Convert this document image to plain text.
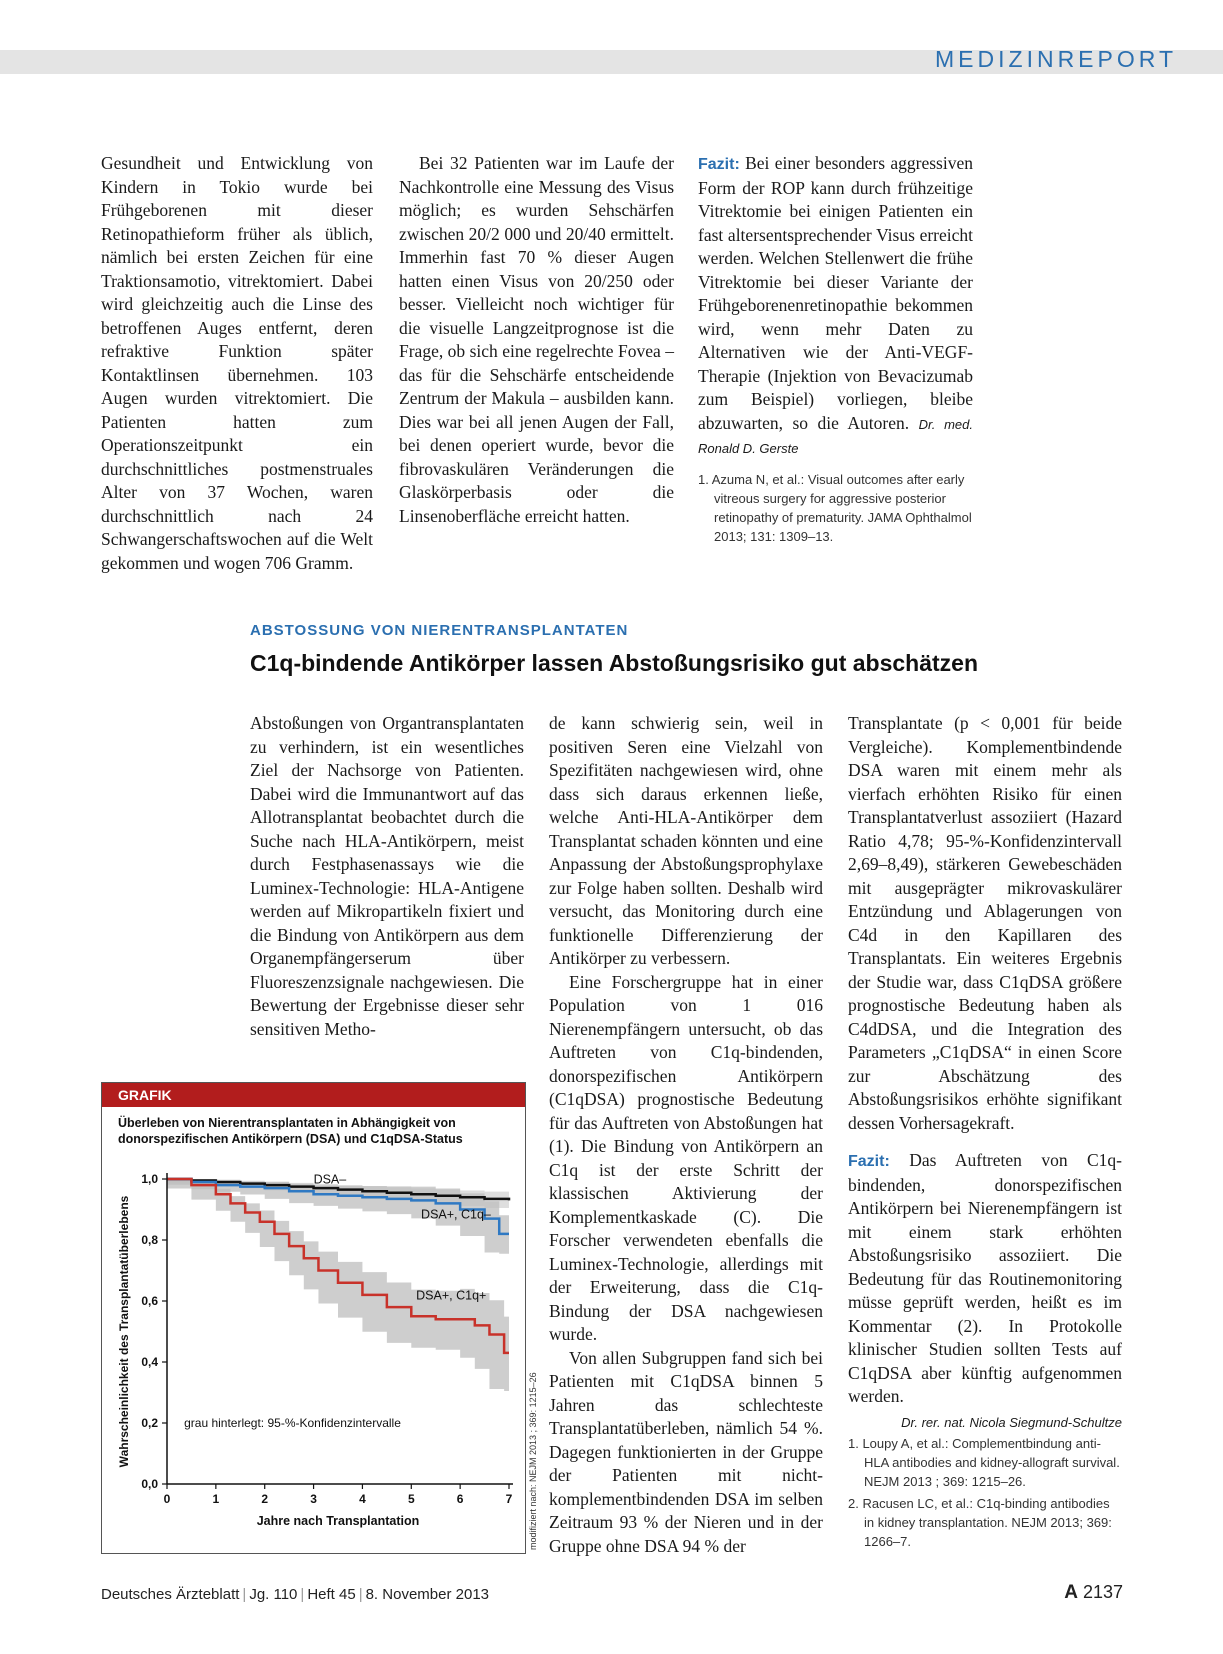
MEDIZINREPORT

Gesundheit und Entwicklung von Kindern in Tokio wurde bei Frühgeborenen mit dieser Retinopathieform früher als üblich, nämlich bei ersten Zeichen für eine Traktionsamotio, vitrektomiert. Dabei wird gleichzeitig auch die Linse des betroffenen Auges entfernt, deren refraktive Funktion später Kontaktlinsen übernehmen. 103 Augen wurden vitrektomiert. Die Patienten hatten zum Operationszeitpunkt ein durchschnittliches postmenstruales Alter von 37 Wochen, waren durchschnittlich nach 24 Schwangerschaftswochen auf die Welt gekommen und wogen 706 Gramm.

Bei 32 Patienten war im Laufe der Nachkontrolle eine Messung des Visus möglich; es wurden Sehschärfen zwischen 20/2 000 und 20/40 ermittelt. Immerhin fast 70 % dieser Augen hatten einen Visus von 20/250 oder besser. Vielleicht noch wichtiger für die visuelle Langzeitprognose ist die Frage, ob sich eine regelrechte Fovea – das für die Sehschärfe entscheidende Zentrum der Makula – ausbilden kann. Dies war bei all jenen Augen der Fall, bei denen operiert wurde, bevor die fibrovaskulären Veränderungen die Glaskörperbasis oder die Linsenoberfläche erreicht hatten.

Fazit: Bei einer besonders aggressiven Form der ROP kann durch frühzeitige Vitrektomie bei einigen Patienten ein fast altersentsprechender Visus erreicht werden. Welchen Stellenwert die frühe Vitrektomie bei dieser Variante der Frühgeborenenretinopathie bekommen wird, wenn mehr Daten zu Alternativen wie der Anti-VEGF-Therapie (Injektion von Bevacizumab zum Beispiel) vorliegen, bleibe abzuwarten, so die Autoren. Dr. med. Ronald D. Gerste

1. Azuma N, et al.: Visual outcomes after early vitreous surgery for aggressive posterior retinopathy of prematurity. JAMA Ophthalmol 2013; 131: 1309–13.
ABSTOSSUNG VON NIERENTRANSPLANTATEN
C1q-bindende Antikörper lassen Abstoßungsrisiko gut abschätzen

Abstoßungen von Organtransplantaten zu verhindern, ist ein wesentliches Ziel der Nachsorge von Patienten. Dabei wird die Immunantwort auf das Allotransplantat beobachtet durch die Suche nach HLA-Antikörpern, meist durch Festphasenassays wie die Luminex-Technologie: HLA-Antigene werden auf Mikropartikeln fixiert und die Bindung von Antikörpern aus dem Organempfängerserum über Fluoreszenzsignale nachgewiesen. Die Bewertung der Ergebnisse dieser sehr sensitiven Metho-

de kann schwierig sein, weil in positiven Seren eine Vielzahl von Spezifitäten nachgewiesen wird, ohne dass sich daraus erkennen ließe, welche Anti-HLA-Antikörper dem Transplantat schaden könnten und eine Anpassung der Abstoßungsprophylaxe zur Folge haben sollten. Deshalb wird versucht, das Monitoring durch eine funktionelle Differenzierung der Antikörper zu verbessern.

Eine Forschergruppe hat in einer Population von 1 016 Nierenempfängern untersucht, ob das Auftreten von C1q-bindenden, donorspezifischen Antikörpern (C1qDSA) prognostische Bedeutung für das Auftreten von Abstoßungen hat (1). Die Bindung von Antikörpern an C1q ist der erste Schritt der klassischen Aktivierung der Komplementkaskade (C). Die Forscher verwendeten ebenfalls die Luminex-Technologie, allerdings mit der Erweiterung, dass die C1q-Bindung der DSA nachgewiesen wurde.

Von allen Subgruppen fand sich bei Patienten mit C1qDSA binnen 5 Jahren das schlechteste Transplantatüberleben, nämlich 54 %. Dagegen funktionierten in der Gruppe der Patienten mit nicht-komplementbindenden DSA im selben Zeitraum 93 % der Nieren und in der Gruppe ohne DSA 94 % der

Transplantate (p < 0,001 für beide Vergleiche). Komplementbindende DSA waren mit einem mehr als vierfach erhöhten Risiko für einen Transplantatverlust assoziiert (Hazard Ratio 4,78; 95-%-Konfidenzintervall 2,69–8,49), stärkeren Gewebeschäden mit ausgeprägter mikrovaskulärer Entzündung und Ablagerungen von C4d in den Kapillaren des Transplantats. Ein weiteres Ergebnis der Studie war, dass C1qDSA größere prognostische Bedeutung haben als C4dDSA, und die Integration des Parameters „C1qDSA“ in einen Score zur Abschätzung des Abstoßungsrisikos erhöhte signifikant dessen Vorhersagekraft.

Fazit: Das Auftreten von C1q-bindenden, donorspezifischen Antikörpern bei Nierenempfängern ist mit einem stark erhöhten Abstoßungsrisiko assoziiert. Die Bedeutung für das Routinemonitoring müsse geprüft werden, heißt es im Kommentar (2). In Protokolle klinischer Studien sollten Tests auf C1qDSA aber künftig aufgenommen werden.

Dr. rer. nat. Nicola Siegmund-Schultze
1. Loupy A, et al.: Complementbindung anti-HLA antibodies and kidney-allograft survival. NEJM 2013 ; 369: 1215–26.
2. Racusen LC, et al.: C1q-binding antibodies in kidney transplantation. NEJM 2013; 369: 1266–7.
GRAFIK
Überleben von Nierentransplantaten in Abhängigkeit von
donorspezifischen Antikörpern (DSA) und C1qDSA-Status
0,0
0,2
0,4
0,6
0,8
1,0
0	1	2	3	4	5	6	7
Jahre nach Transplantation
Wahrscheinlichkeit des Transplantatüberlebens
DSA–
DSA+, C1q–
DSA+, C1q+
grau hinterlegt: 95-%-Konfidenzintervalle	modifiziert nach: NEJM 2013 ; 369: 1215–26
Deutsches Ärzteblatt | Jg. 110 | Heft 45 | 8. November 2013	A 2137
